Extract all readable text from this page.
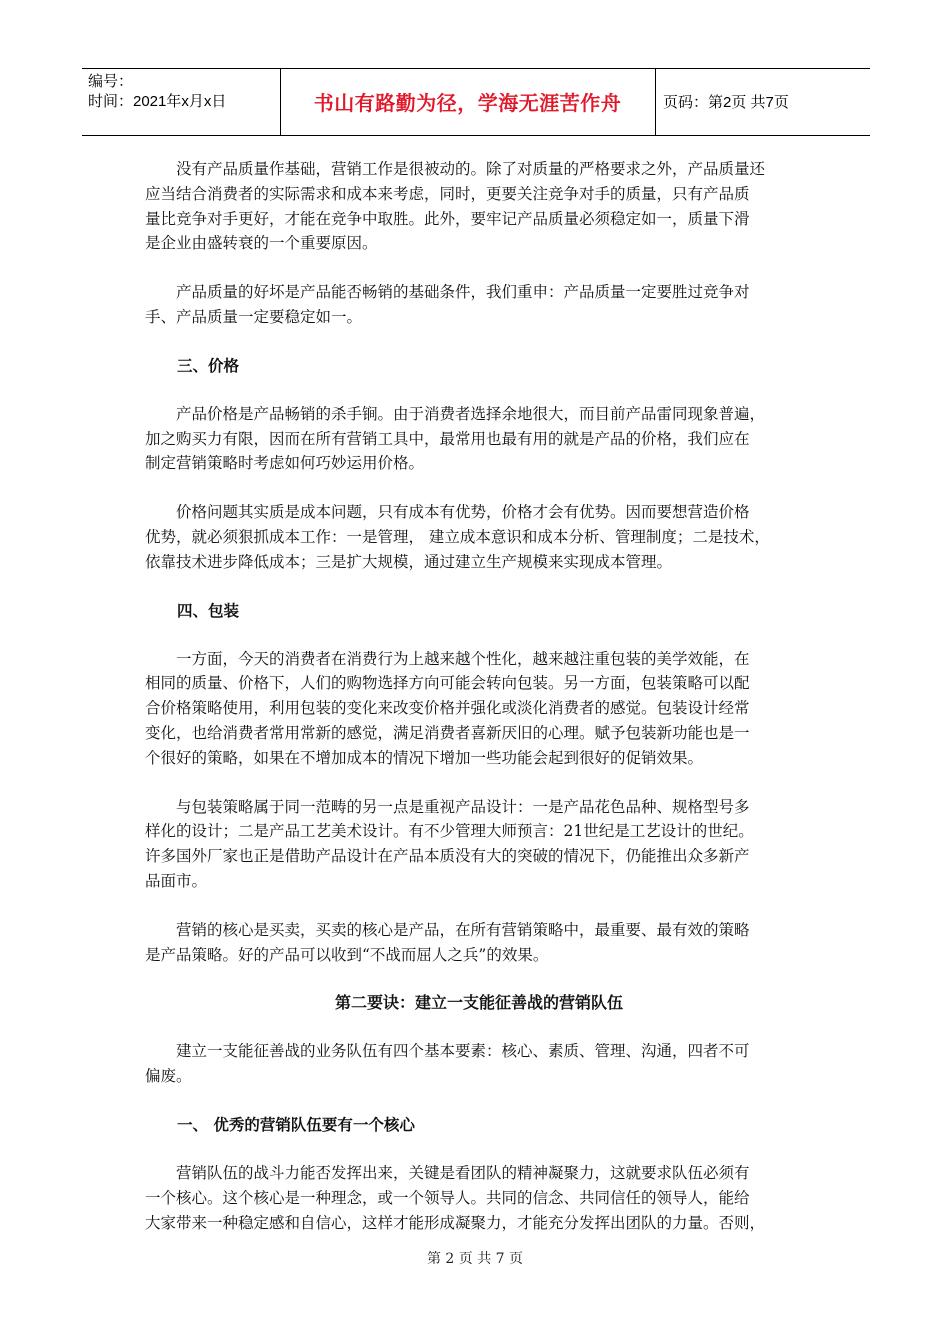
编号：
时间：2021年x月x日	书山有路勤为径，学海无涯苦作舟	页码：第2页 共7页

没有产品质量作基础，营销工作是很被动的。除了对质量的严格要求之外，产品质量还
应当结合消费者的实际需求和成本来考虑，同时，更要关注竞争对手的质量，只有产品质
量比竞争对手更好，才能在竞争中取胜。此外，要牢记产品质量必须稳定如一，质量下滑
是企业由盛转衰的一个重要原因。

产品质量的好坏是产品能否畅销的基础条件，我们重申：产品质量一定要胜过竞争对
手、产品质量一定要稳定如一。

三、价格

产品价格是产品畅销的杀手锏。由于消费者选择余地很大，而目前产品雷同现象普遍，
加之购买力有限，因而在所有营销工具中，最常用也最有用的就是产品的价格，我们应在
制定营销策略时考虑如何巧妙运用价格。

价格问题其实质是成本问题，只有成本有优势，价格才会有优势。因而要想营造价格
优势，就必须狠抓成本工作：一是管理， 建立成本意识和成本分析、管理制度；二是技术，
依靠技术进步降低成本；三是扩大规模，通过建立生产规模来实现成本管理。

四、包装

一方面，今天的消费者在消费行为上越来越个性化，越来越注重包装的美学效能，在
相同的质量、价格下，人们的购物选择方向可能会转向包装。另一方面，包装策略可以配
合价格策略使用，利用包装的变化来改变价格并强化或淡化消费者的感觉。包装设计经常
变化，也给消费者常用常新的感觉，满足消费者喜新厌旧的心理。赋予包装新功能也是一
个很好的策略，如果在不增加成本的情况下增加一些功能会起到很好的促销效果。

与包装策略属于同一范畴的另一点是重视产品设计：一是产品花色品种、规格型号多
样化的设计；二是产品工艺美术设计。有不少管理大师预言：21世纪是工艺设计的世纪。
许多国外厂家也正是借助产品设计在产品本质没有大的突破的情况下，仍能推出众多新产
品面市。

营销的核心是买卖，买卖的核心是产品，在所有营销策略中，最重要、最有效的策略
是产品策略。好的产品可以收到“不战而屈人之兵”的效果。

第二要诀：建立一支能征善战的营销队伍

建立一支能征善战的业务队伍有四个基本要素：核心、素质、管理、沟通，四者不可
偏废。

一、 优秀的营销队伍要有一个核心

营销队伍的战斗力能否发挥出来，关键是看团队的精神凝聚力，这就要求队伍必须有
一个核心。这个核心是一种理念，或一个领导人。共同的信念、共同信任的领导人，能给
大家带来一种稳定感和自信心，这样才能形成凝聚力，才能充分发挥出团队的力量。否则，

第 2 页 共 7 页
